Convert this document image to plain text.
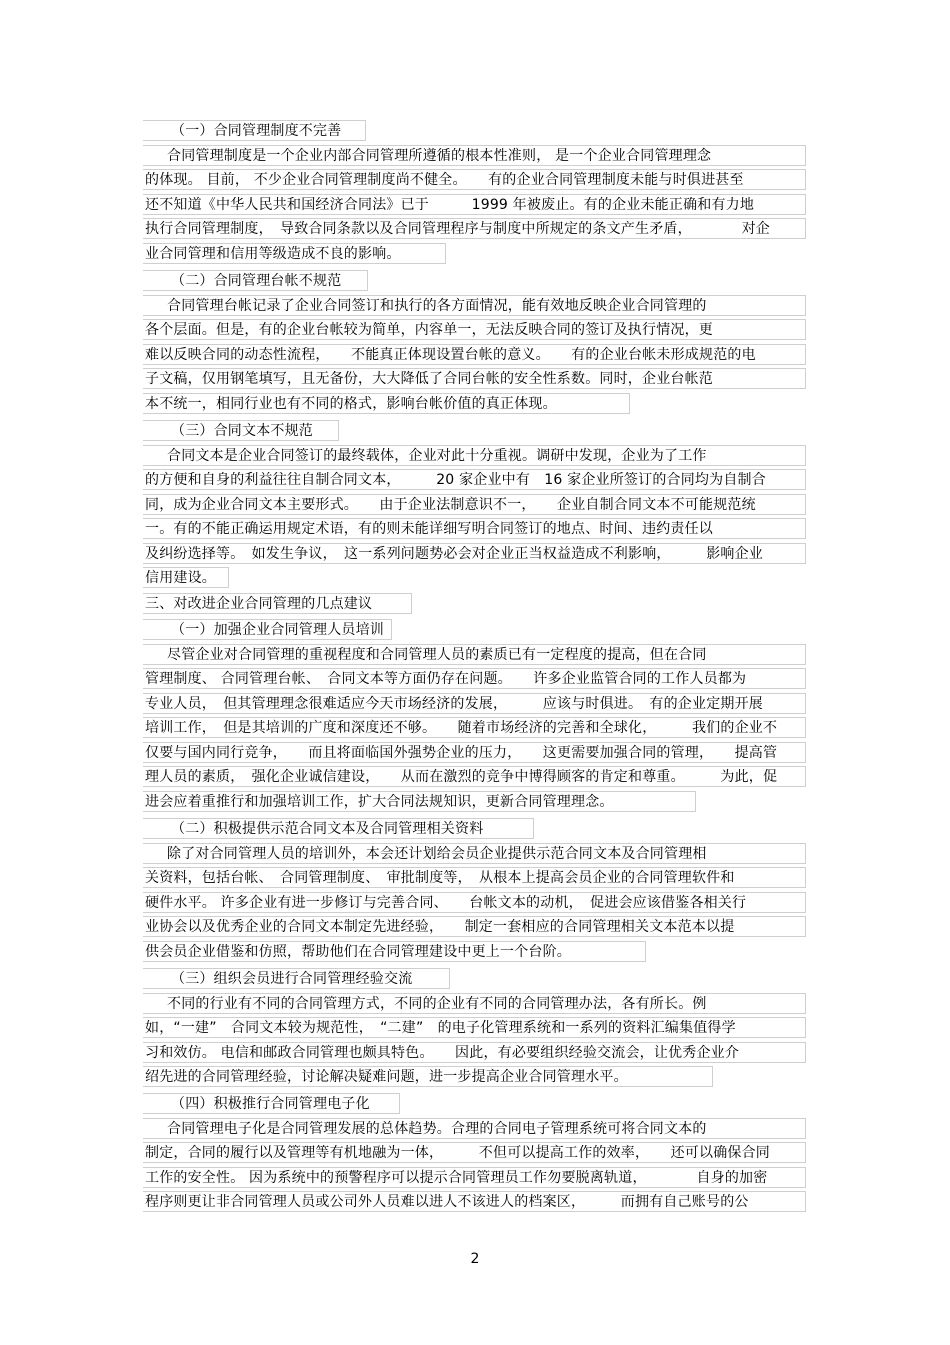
（一）合同管理制度不完善
合同管理制度是一个企业内部合同管理所遵循的根本性准则， 是一个企业合同管理理念
的体现。 目前， 不少企业合同管理制度尚不健全。　　有的企业合同管理制度未能与时俱进甚至
还不知道《中华人民共和国经济合同法》已于　　　1999 年被废止。有的企业未能正确和有力地
执行合同管理制度，　导致合同条款以及合同管理程序与制度中所规定的条文产生矛盾，　　　　对企
业合同管理和信用等级造成不良的影响。
（二）合同管理台帐不规范
合同管理台帐记录了企业合同签订和执行的各方面情况，能有效地反映企业合同管理的
各个层面。但是，有的企业台帐较为简单，内容单一，无法反映合同的签订及执行情况，更
难以反映合同的动态性流程，　　不能真正体现设置台帐的意义。　　有的企业台帐未形成规范的电
子文稿，仅用钢笔填写，且无备份，大大降低了合同台帐的安全性系数。同时，企业台帐范
本不统一，相同行业也有不同的格式，影响台帐价值的真正体现。
（三）合同文本不规范
合同文本是企业合同签订的最终载体，企业对此十分重视。调研中发现，企业为了工作
的方便和自身的利益往往自制合同文本，　　　20 家企业中有　16 家企业所签订的合同均为自制合
同，成为企业合同文本主要形式。　　由于企业法制意识不一，　　企业自制合同文本不可能规范统
一。有的不能正确运用规定术语，有的则未能详细写明合同签订的地点、时间、违约责任以
及纠纷选择等。　如发生争议，　这一系列问题势必会对企业正当权益造成不利影响，　　　影响企业
信用建设。
三、对改进企业合同管理的几点建议
（一）加强企业合同管理人员培训
尽管企业对合同管理的重视程度和合同管理人员的素质已有一定程度的提高，但在合同
管理制度、 合同管理台帐、　合同文本等方面仍存在问题。　　许多企业监管合同的工作人员都为
专业人员，　但其管理理念很难适应今天市场经济的发展，　　　应该与时俱进。　有的企业定期开展
培训工作，　但是其培训的广度和深度还不够。　　随着市场经济的完善和全球化，　　　我们的企业不
仅要与国内同行竞争，　　而且将面临国外强势企业的压力，　　这更需要加强合同的管理，　　提高管
理人员的素质，　强化企业诚信建设，　　从而在激烈的竞争中博得顾客的肯定和尊重。　　　为此，促
进会应着重推行和加强培训工作，扩大合同法规知识，更新合同管理理念。
（二）积极提供示范合同文本及合同管理相关资料
除了对合同管理人员的培训外，本会还计划给会员企业提供示范合同文本及合同管理相
关资料，包括台帐、　合同管理制度、　审批制度等，　从根本上提高会员企业的合同管理软件和
硬件水平。 许多企业有进一步修订与完善合同、　　台帐文本的动机，　促进会应该借鉴各相关行
业协会以及优秀企业的合同文本制定先进经验，　　制定一套相应的合同管理相关文本范本以提
供会员企业借鉴和仿照，帮助他们在合同管理建设中更上一个台阶。
（三）组织会员进行合同管理经验交流
不同的行业有不同的合同管理方式，不同的企业有不同的合同管理办法，各有所长。例
如，“一建”　合同文本较为规范性，　“二建”　的电子化管理系统和一系列的资料汇编集值得学
习和效仿。 电信和邮政合同管理也颇具特色。　　因此，有必要组织经验交流会，让优秀企业介
绍先进的合同管理经验，讨论解决疑难问题，进一步提高企业合同管理水平。
（四）积极推行合同管理电子化
合同管理电子化是合同管理发展的总体趋势。合理的合同电子管理系统可将合同文本的
制定，合同的履行以及管理等有机地融为一体，　　　不但可以提高工作的效率，　　还可以确保合同
工作的安全性。 因为系统中的预警程序可以提示合同管理员工作勿要脱离轨道，　　　　自身的加密
程序则更让非合同管理人员或公司外人员难以进人不该进人的档案区，　　　而拥有自己账号的公
2
